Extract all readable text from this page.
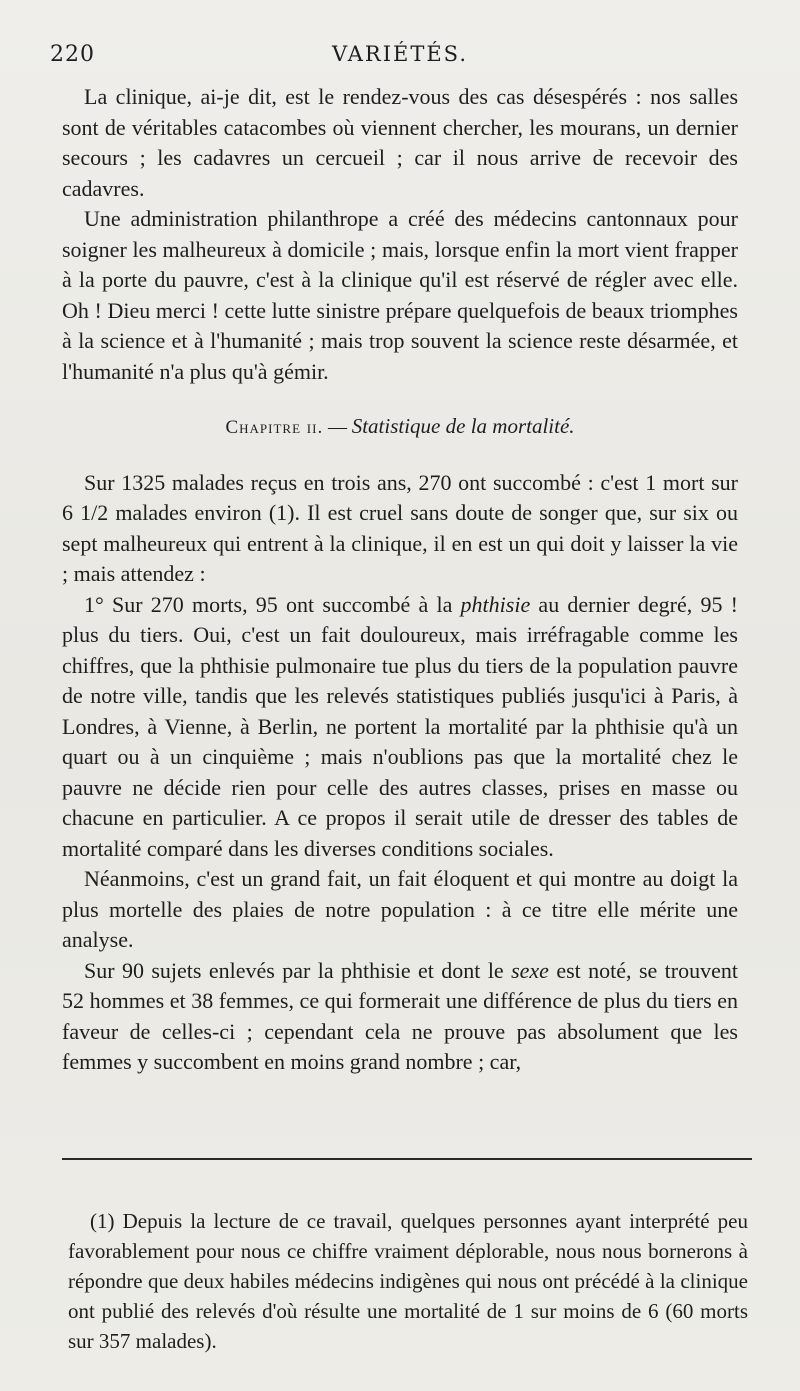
220	VARIÉTÉS.

La clinique, ai-je dit, est le rendez-vous des cas désespérés : nos salles sont de véritables catacombes où viennent chercher, les mourans, un dernier secours ; les cadavres un cercueil ; car il nous arrive de recevoir des cadavres.

Une administration philanthrope a créé des médecins cantonnaux pour soigner les malheureux à domicile ; mais, lorsque enfin la mort vient frapper à la porte du pauvre, c'est à la clinique qu'il est réservé de régler avec elle. Oh ! Dieu merci ! cette lutte sinistre prépare quelquefois de beaux triomphes à la science et à l'humanité ; mais trop souvent la science reste désarmée, et l'humanité n'a plus qu'à gémir.

Chapitre ii. — Statistique de la mortalité.

Sur 1325 malades reçus en trois ans, 270 ont succombé : c'est 1 mort sur 6 1/2 malades environ (1). Il est cruel sans doute de songer que, sur six ou sept malheureux qui entrent à la clinique, il en est un qui doit y laisser la vie ; mais attendez :

1° Sur 270 morts, 95 ont succombé à la phthisie au dernier degré, 95 ! plus du tiers. Oui, c'est un fait douloureux, mais irréfragable comme les chiffres, que la phthisie pulmonaire tue plus du tiers de la population pauvre de notre ville, tandis que les relevés statistiques publiés jusqu'ici à Paris, à Londres, à Vienne, à Berlin, ne portent la mortalité par la phthisie qu'à un quart ou à un cinquième ; mais n'oublions pas que la mortalité chez le pauvre ne décide rien pour celle des autres classes, prises en masse ou chacune en particulier. A ce propos il serait utile de dresser des tables de mortalité comparé dans les diverses conditions sociales.

Néanmoins, c'est un grand fait, un fait éloquent et qui montre au doigt la plus mortelle des plaies de notre population : à ce titre elle mérite une analyse.

Sur 90 sujets enlevés par la phthisie et dont le sexe est noté, se trouvent 52 hommes et 38 femmes, ce qui formerait une différence de plus du tiers en faveur de celles-ci ; cependant cela ne prouve pas absolument que les femmes y succombent en moins grand nombre ; car,

(1) Depuis la lecture de ce travail, quelques personnes ayant interprété peu favorablement pour nous ce chiffre vraiment déplorable, nous nous bornerons à répondre que deux habiles médecins indigènes qui nous ont précédé à la clinique ont publié des relevés d'où résulte une mortalité de 1 sur moins de 6 (60 morts sur 357 malades).
